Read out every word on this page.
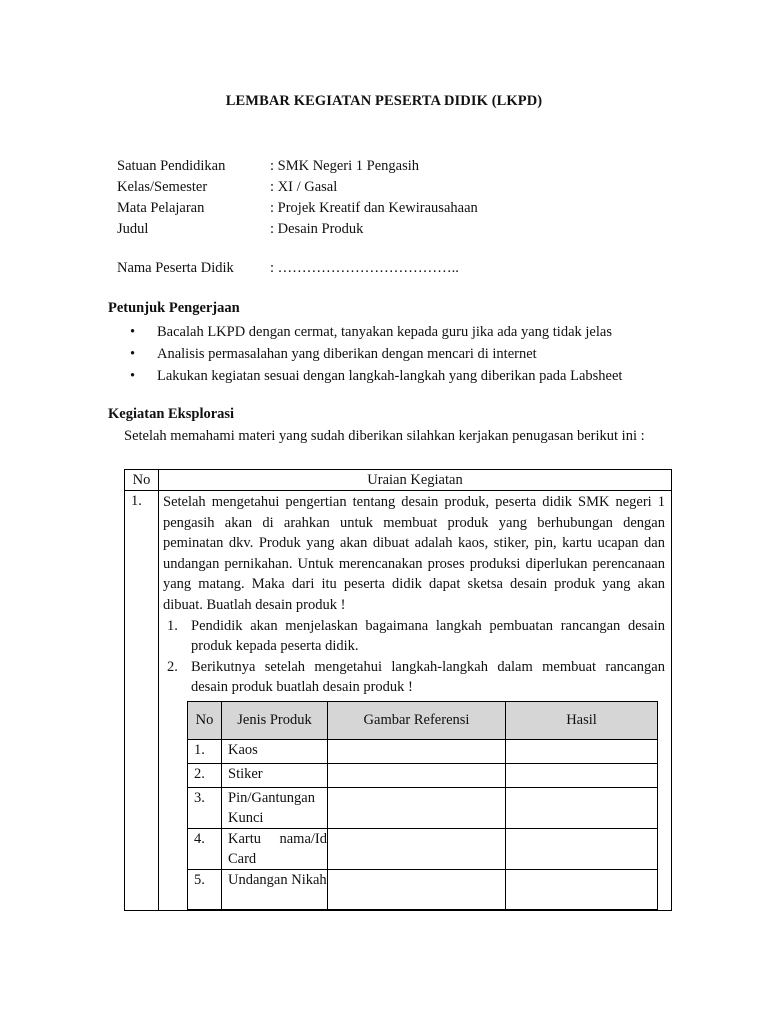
LEMBAR KEGIATAN PESERTA DIDIK (LKPD)
Satuan Pendidikan	: SMK Negeri 1 Pengasih
Kelas/Semester	: XI / Gasal
Mata Pelajaran	: Projek Kreatif dan Kewirausahaan
Judul	: Desain Produk
Nama Peserta Didik : ………………………………..
Petunjuk Pengerjaan
• Bacalah LKPD dengan cermat, tanyakan kepada guru jika ada yang tidak jelas
• Analisis permasalahan yang diberikan dengan mencari di internet
• Lakukan kegiatan sesuai dengan langkah-langkah yang diberikan pada Labsheet
Kegiatan Eksplorasi
Setelah memahami materi yang sudah diberikan silahkan kerjakan penugasan berikut ini :
No	Uraian Kegiatan
1.	Setelah mengetahui pengertian tentang desain produk, peserta didik SMK negeri 1 pengasih akan di arahkan untuk membuat produk yang berhubungan dengan peminatan dkv. Produk yang akan dibuat adalah kaos, stiker, pin, kartu ucapan dan undangan pernikahan. Untuk merencanakan proses produksi diperlukan perencanaan yang matang. Maka dari itu peserta didik dapat sketsa desain produk yang akan dibuat. Buatlah desain produk !
1. Pendidik akan menjelaskan bagaimana langkah pembuatan rancangan desain produk kepada peserta didik.
2. Berikutnya setelah mengetahui langkah-langkah dalam membuat rancangan desain produk buatlah desain produk !
No	Jenis Produk	Gambar Referensi	Hasil
1.	Kaos		
2.	Stiker		
3.	Pin/Gantungan Kunci		
4.	Kartu nama/Id Card		
5.	Undangan Nikah		
